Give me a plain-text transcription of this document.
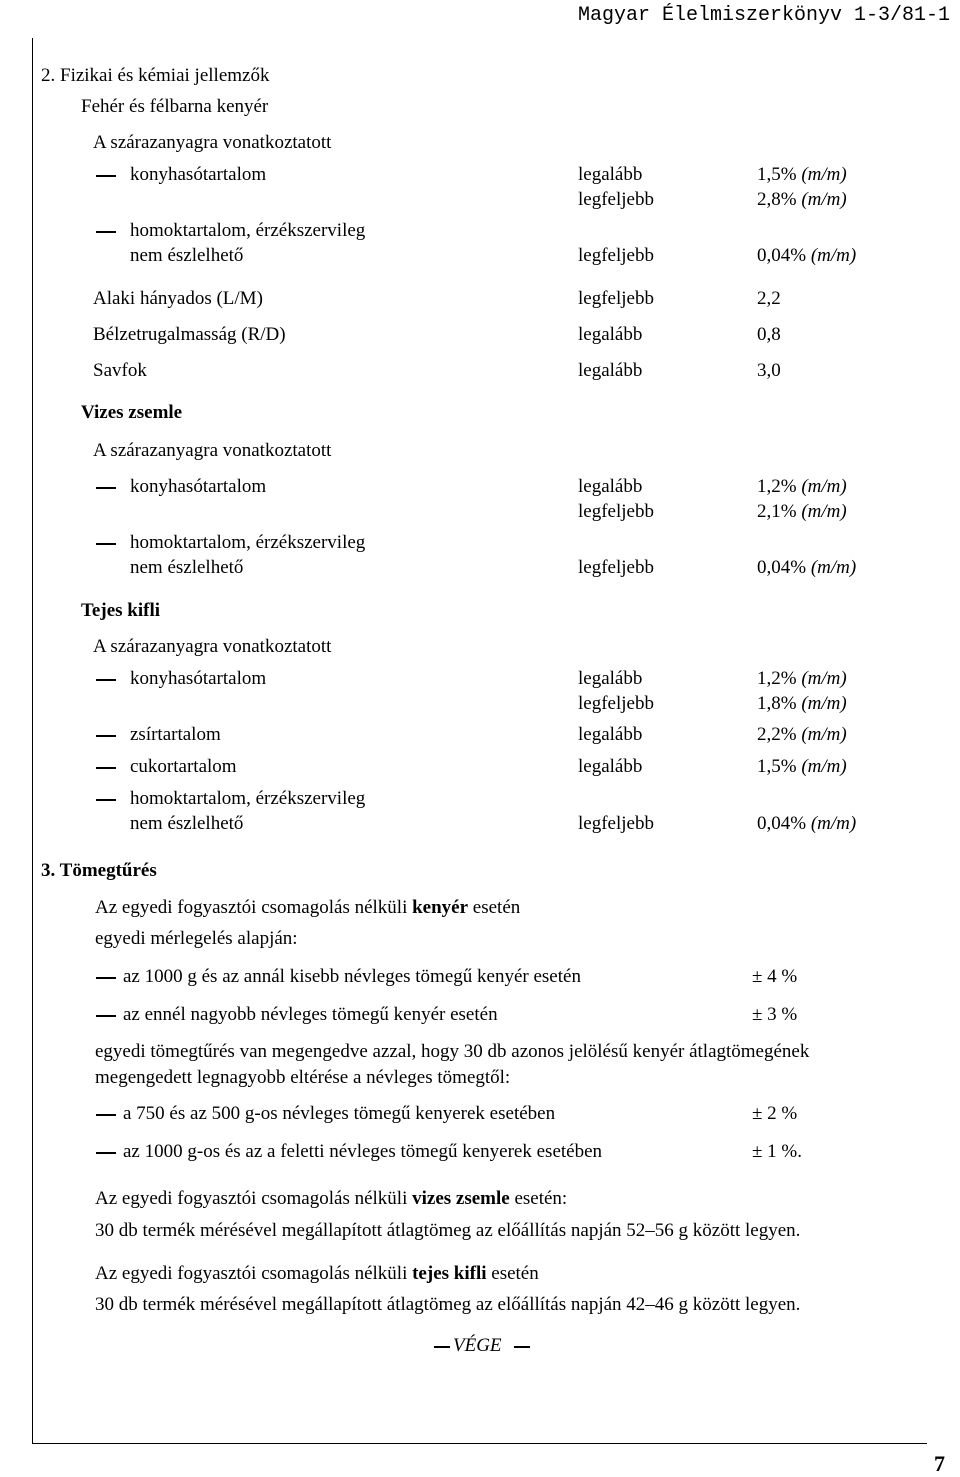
Magyar Élelmiszerkönyv 1-3/81-1
7
2. Fizikai és kémiai jellemzők
Fehér és félbarna kenyér
A szárazanyagra vonatkoztatott
konyhasótartalom	legalább	1,5% (m/m)
legfeljebb	2,8% (m/m)
homoktartalom, érzékszervileg
nem észlelhető	legfeljebb	0,04% (m/m)
Alaki hányados (L/M)	legfeljebb	2,2
Bélzetrugalmasság (R/D)	legalább	0,8
Savfok	legalább	3,0
Vizes zsemle
A szárazanyagra vonatkoztatott
konyhasótartalom	legalább	1,2% (m/m)
legfeljebb	2,1% (m/m)
homoktartalom, érzékszervileg
nem észlelhető	legfeljebb	0,04% (m/m)
Tejes kifli
A szárazanyagra vonatkoztatott
konyhasótartalom	legalább	1,2% (m/m)
legfeljebb	1,8% (m/m)
zsírtartalom	legalább	2,2% (m/m)
cukortartalom	legalább	1,5% (m/m)
homoktartalom, érzékszervileg
nem észlelhető	legfeljebb	0,04% (m/m)
3. Tömegtűrés
Az egyedi fogyasztói csomagolás nélküli kenyér esetén
egyedi mérlegelés alapján:
az 1000 g és az annál kisebb névleges tömegű kenyér esetén	± 4 %
az ennél nagyobb névleges tömegű kenyér esetén	± 3 %
egyedi tömegtűrés van megengedve azzal, hogy 30 db azonos jelölésű kenyér átlagtömegének
megengedett legnagyobb eltérése a névleges tömegtől:
a 750 és az 500 g-os névleges tömegű kenyerek esetében	± 2 %
az 1000 g-os és az a feletti névleges tömegű kenyerek esetében	± 1 %.
Az egyedi fogyasztói csomagolás nélküli vizes zsemle esetén:
30 db termék mérésével megállapított átlagtömeg az előállítás napján 52–56 g között legyen.
Az egyedi fogyasztói csomagolás nélküli tejes kifli esetén
30 db termék mérésével megállapított átlagtömeg az előállítás napján 42–46 g között legyen.
VÉGE
